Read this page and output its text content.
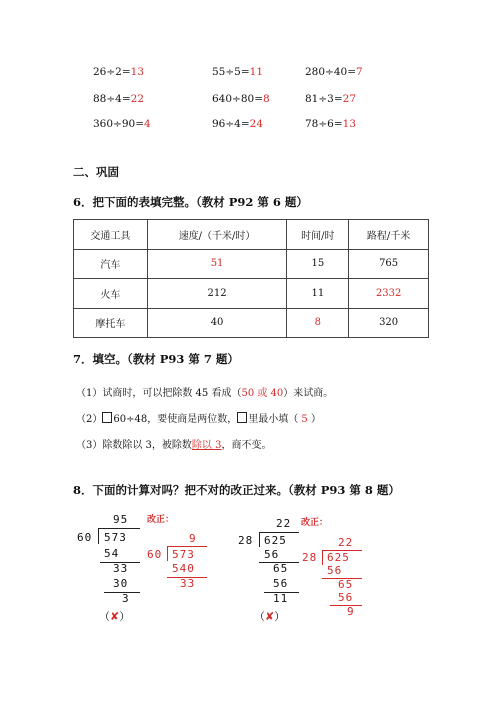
26÷2=13	55÷5=11	280÷40=7
88÷4=22	640÷80=8	81÷3=27
360÷90=4	96÷4=24	78÷6=13
二、巩固
6．把下面的表填完整。（教材 P92 第 6 题）
交通工具	速度/（千米/时）	时间/时	路程/千米
汽车	51	15	765
火车	212	11	2332
摩托车	40	8	320
7．填空。（教材 P93 第 7 题）
（1）试商时，可以把除数 45 看成（50 或 40）来试商。
（2） 60÷48，要使商是两位数， 里最小填（ 5 ）
（3）除数除以 3，被除数除以 3，商不变。
8．下面的计算对吗？把不对的改正过来。（教材 P93 第 8 题）
95
60 573
54
33
30
3
（✘）
改正：
9
60 573
540
33
22
28 625
56
65
56
11
（✘）
改正：
22
28 625
56
65
56
9
